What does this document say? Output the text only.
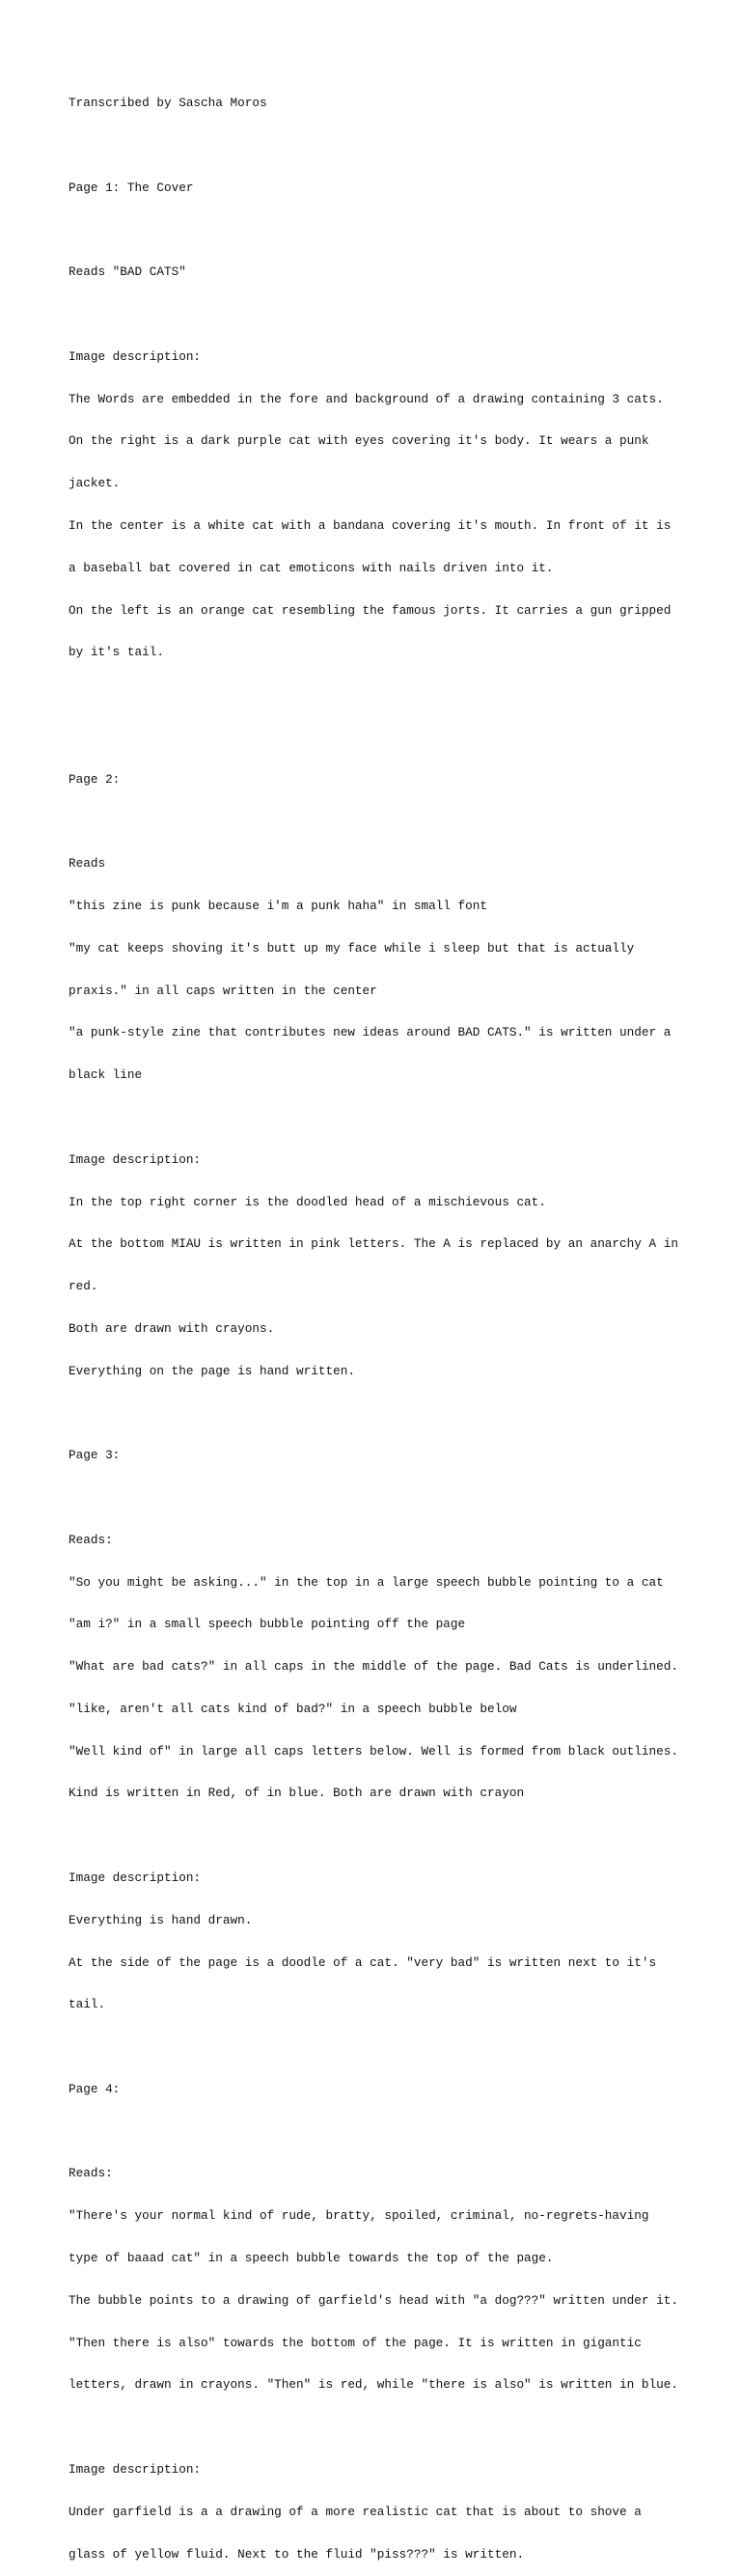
Transcribed by Sascha Moros

Page 1: The Cover

Reads "BAD CATS"

Image description:

The Words are embedded in the fore and background of a drawing containing 3 cats.

On the right is a dark purple cat with eyes covering it's body. It wears a punk

jacket.

In the center is a white cat with a bandana covering it's mouth. In front of it is

a baseball bat covered in cat emoticons with nails driven into it.

On the left is an orange cat resembling the famous jorts. It carries a gun gripped

by it's tail.

Page 2:

Reads

"this zine is punk because i'm a punk haha" in small font

"my cat keeps shoving it's butt up my face while i sleep but that is actually

praxis." in all caps written in the center

"a punk-style zine that contributes new ideas around BAD CATS." is written under a

black line

Image description:

In the top right corner is the doodled head of a mischievous cat.

At the bottom MIAU is written in pink letters. The A is replaced by an anarchy A in

red.

Both are drawn with crayons.

Everything on the page is hand written.

Page 3:

Reads:

"So you might be asking..." in the top in a large speech bubble pointing to a cat

"am i?" in a small speech bubble pointing off the page

"What are bad cats?" in all caps in the middle of the page. Bad Cats is underlined.

"like, aren't all cats kind of bad?" in a speech bubble below

"Well kind of" in large all caps letters below. Well is formed from black outlines.

Kind is written in Red, of in blue. Both are drawn with crayon

Image description:

Everything is hand drawn.

At the side of the page is a doodle of a cat. "very bad" is written next to it's

tail.

Page 4:

Reads:

"There's your normal kind of rude, bratty, spoiled, criminal, no-regrets-having

type of baaad cat" in a speech bubble towards the top of the page.

The bubble points to a drawing of garfield's head with "a dog???" written under it.

"Then there is also" towards the bottom of the page. It is written in gigantic

letters, drawn in crayons. "Then" is red, while "there is also" is written in blue.

Image description:

Under garfield is a a drawing of a more realistic cat that is about to shove a

glass of yellow fluid. Next to the fluid "piss???" is written.
